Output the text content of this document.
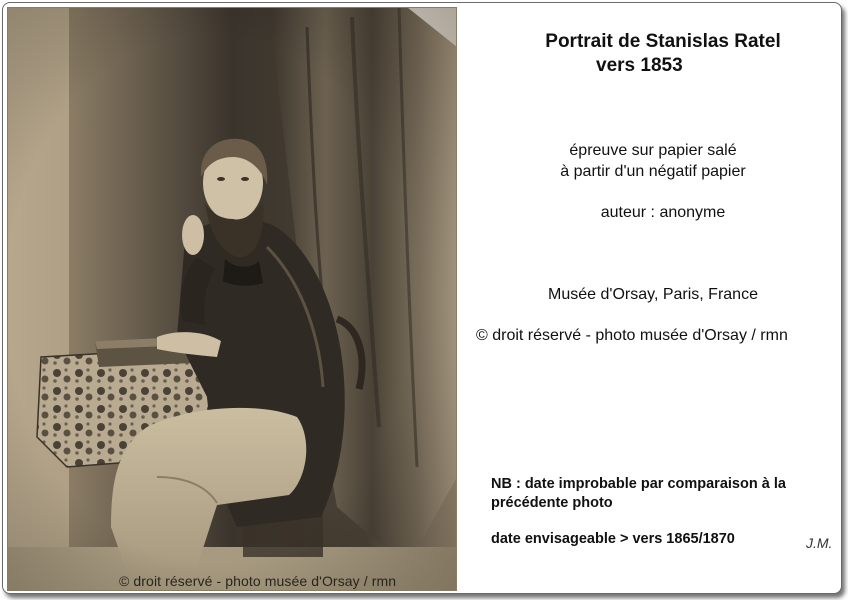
© droit réservé - photo musée d'Orsay / rmn
Portrait de Stanislas Ratel
vers 1853
épreuve sur papier salé
à partir d'un négatif papier
auteur : anonyme
Musée d'Orsay, Paris, France
© droit réservé - photo musée d'Orsay / rmn
NB : date improbable par comparaison à la
précédente photo
date envisageable > vers 1865/1870	J.M.
